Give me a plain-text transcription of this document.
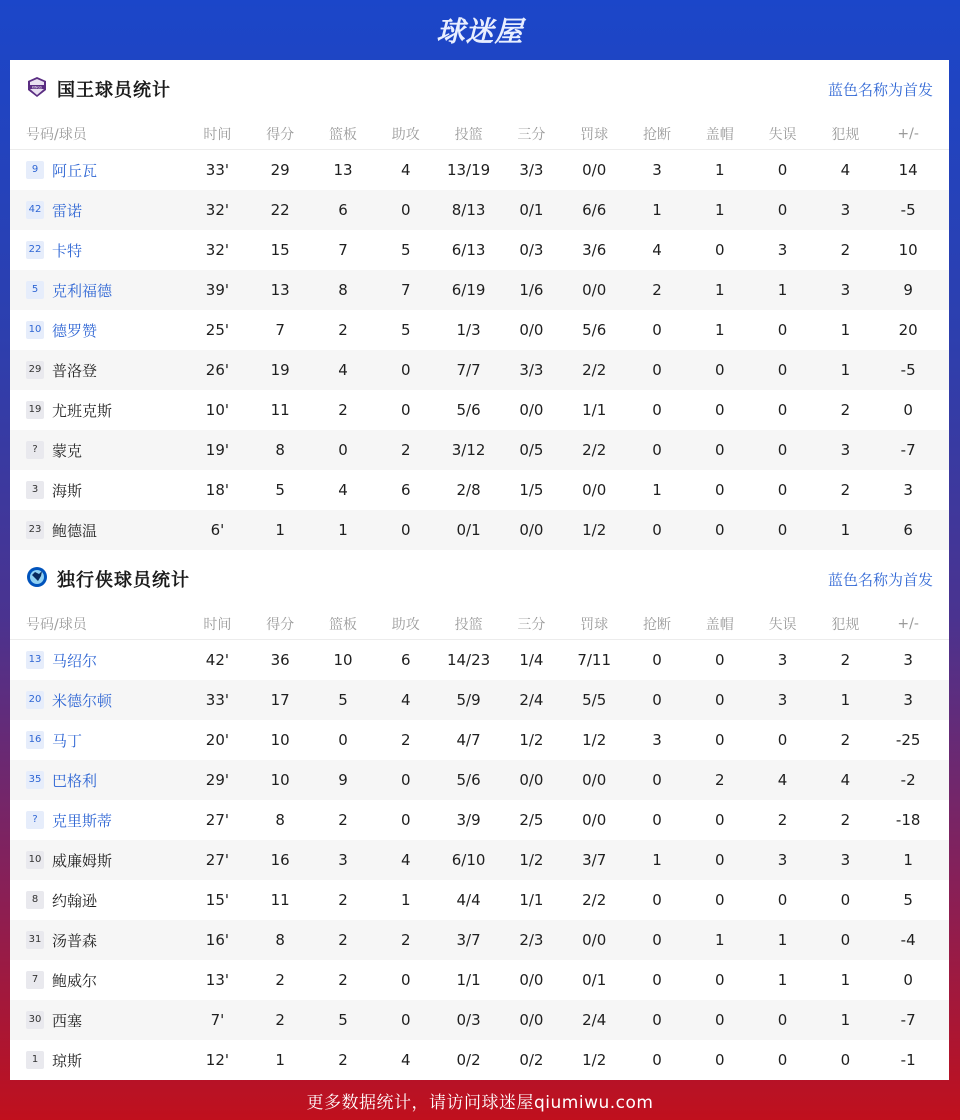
球迷屋
KINGS 国王球员统计	蓝色名称为首发
号码/球员	时间	得分	篮板	助攻	投篮	三分	罚球	抢断	盖帽	失误	犯规	+/-
9 阿丘瓦	33'	29	13	4	13/19	3/3	0/0	3	1	0	4	14
42 雷诺	32'	22	6	0	8/13	0/1	6/6	1	1	0	3	-5
22 卡特	32'	15	7	5	6/13	0/3	3/6	4	0	3	2	10
5 克利福德	39'	13	8	7	6/19	1/6	0/0	2	1	1	3	9
10 德罗赞	25'	7	2	5	1/3	0/0	5/6	0	1	0	1	20
29 普洛登	26'	19	4	0	7/7	3/3	2/2	0	0	0	1	-5
19 尤班克斯	10'	11	2	0	5/6	0/0	1/1	0	0	0	2	0
? 蒙克	19'	8	0	2	3/12	0/5	2/2	0	0	0	3	-7
3 海斯	18'	5	4	6	2/8	1/5	0/0	1	0	0	2	3
23 鲍德温	6'	1	1	0	0/1	0/0	1/2	0	0	0	1	6
独行侠球员统计	蓝色名称为首发
号码/球员	时间	得分	篮板	助攻	投篮	三分	罚球	抢断	盖帽	失误	犯规	+/-
13 马绍尔	42'	36	10	6	14/23	1/4	7/11	0	0	3	2	3
20 米德尔顿	33'	17	5	4	5/9	2/4	5/5	0	0	3	1	3
16 马丁	20'	10	0	2	4/7	1/2	1/2	3	0	0	2	-25
35 巴格利	29'	10	9	0	5/6	0/0	0/0	0	2	4	4	-2
? 克里斯蒂	27'	8	2	0	3/9	2/5	0/0	0	0	2	2	-18
10 威廉姆斯	27'	16	3	4	6/10	1/2	3/7	1	0	3	3	1
8 约翰逊	15'	11	2	1	4/4	1/1	2/2	0	0	0	0	5
31 汤普森	16'	8	2	2	3/7	2/3	0/0	0	1	1	0	-4
7 鲍威尔	13'	2	2	0	1/1	0/0	0/1	0	0	1	1	0
30 西塞	7'	2	5	0	0/3	0/0	2/4	0	0	0	1	-7
1 琼斯	12'	1	2	4	0/2	0/2	1/2	0	0	0	0	-1
更多数据统计，请访问球迷屋qiumiwu.com
